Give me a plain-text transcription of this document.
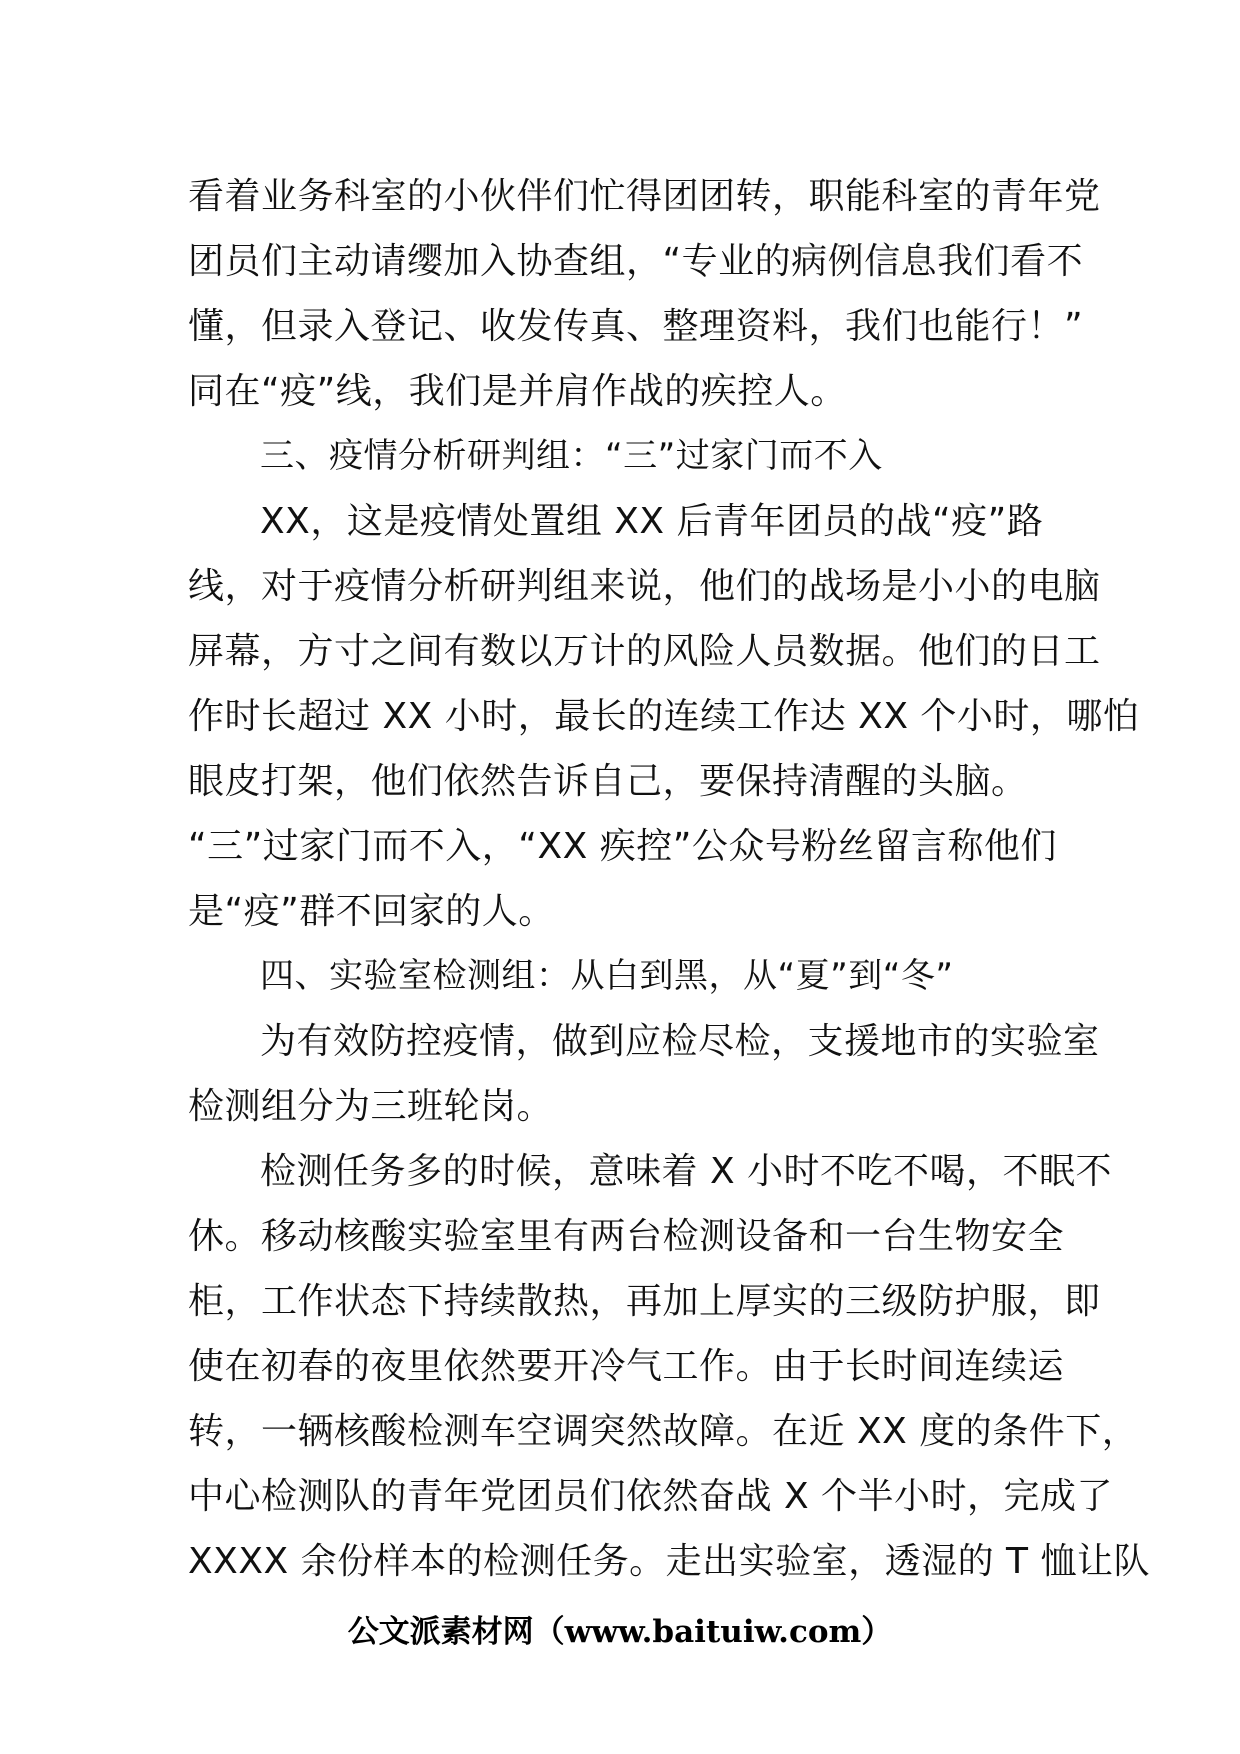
看着业务科室的小伙伴们忙得团团转，职能科室的青年党
团员们主动请缨加入协查组，“专业的病例信息我们看不
懂，但录入登记、收发传真、整理资料，我们也能行！”
同在“疫”线，我们是并肩作战的疾控人。
三、疫情分析研判组：“三”过家门而不入
XX，这是疫情处置组 XX 后青年团员的战“疫”路
线，对于疫情分析研判组来说，他们的战场是小小的电脑
屏幕，方寸之间有数以万计的风险人员数据。他们的日工
作时长超过 XX 小时，最长的连续工作达 XX 个小时，哪怕
眼皮打架，他们依然告诉自己，要保持清醒的头脑。
“三”过家门而不入，“XX 疾控”公众号粉丝留言称他们
是“疫”群不回家的人。
四、实验室检测组：从白到黑，从“夏”到“冬”
为有效防控疫情，做到应检尽检，支援地市的实验室
检测组分为三班轮岗。
检测任务多的时候，意味着 X 小时不吃不喝，不眠不
休。移动核酸实验室里有两台检测设备和一台生物安全
柜，工作状态下持续散热，再加上厚实的三级防护服，即
使在初春的夜里依然要开冷气工作。由于长时间连续运
转，一辆核酸检测车空调突然故障。在近 XX 度的条件下，
中心检测队的青年党团员们依然奋战 X 个半小时，完成了
XXXX 余份样本的检测任务。走出实验室，透湿的 T 恤让队
公文派素材网（www.baituiw.com）
